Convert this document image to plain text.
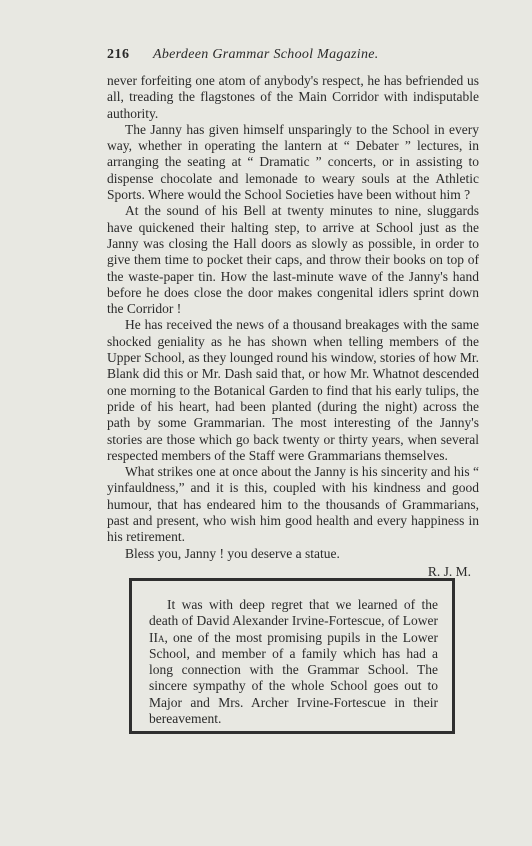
216 Aberdeen Grammar School Magazine.

never forfeiting one atom of anybody's respect, he has befriended us all, treading the flagstones of the Main Corridor with indisputable authority.

The Janny has given himself unsparingly to the School in every way, whether in operating the lantern at “ Debater ” lectures, in arranging the seating at “ Dramatic ” concerts, or in assisting to dispense chocolate and lemonade to weary souls at the Athletic Sports. Where would the School Societies have been without him ?

At the sound of his Bell at twenty minutes to nine, sluggards have quickened their halting step, to arrive at School just as the Janny was closing the Hall doors as slowly as possible, in order to give them time to pocket their caps, and throw their books on top of the waste-paper tin. How the last-minute wave of the Janny's hand before he does close the door makes congenital idlers sprint down the Corridor !

He has received the news of a thousand breakages with the same shocked geniality as he has shown when telling members of the Upper School, as they lounged round his window, stories of how Mr. Blank did this or Mr. Dash said that, or how Mr. Whatnot descended one morning to the Botanical Garden to find that his early tulips, the pride of his heart, had been planted (during the night) across the path by some Grammarian. The most interesting of the Janny's stories are those which go back twenty or thirty years, when several respected members of the Staff were Grammarians themselves.

What strikes one at once about the Janny is his sincerity and his “ yinfauldness,” and it is this, coupled with his kindness and good humour, that has endeared him to the thousands of Grammarians, past and present, who wish him good health and every happiness in his retirement.

Bless you, Janny ! you deserve a statue.

R. J. M.

It was with deep regret that we learned of the death of David Alexander Irvine-Fortescue, of Lower IIa, one of the most promising pupils in the Lower School, and member of a family which has had a long connection with the Grammar School. The sincere sympathy of the whole School goes out to Major and Mrs. Archer Irvine-Fortescue in their bereavement.
